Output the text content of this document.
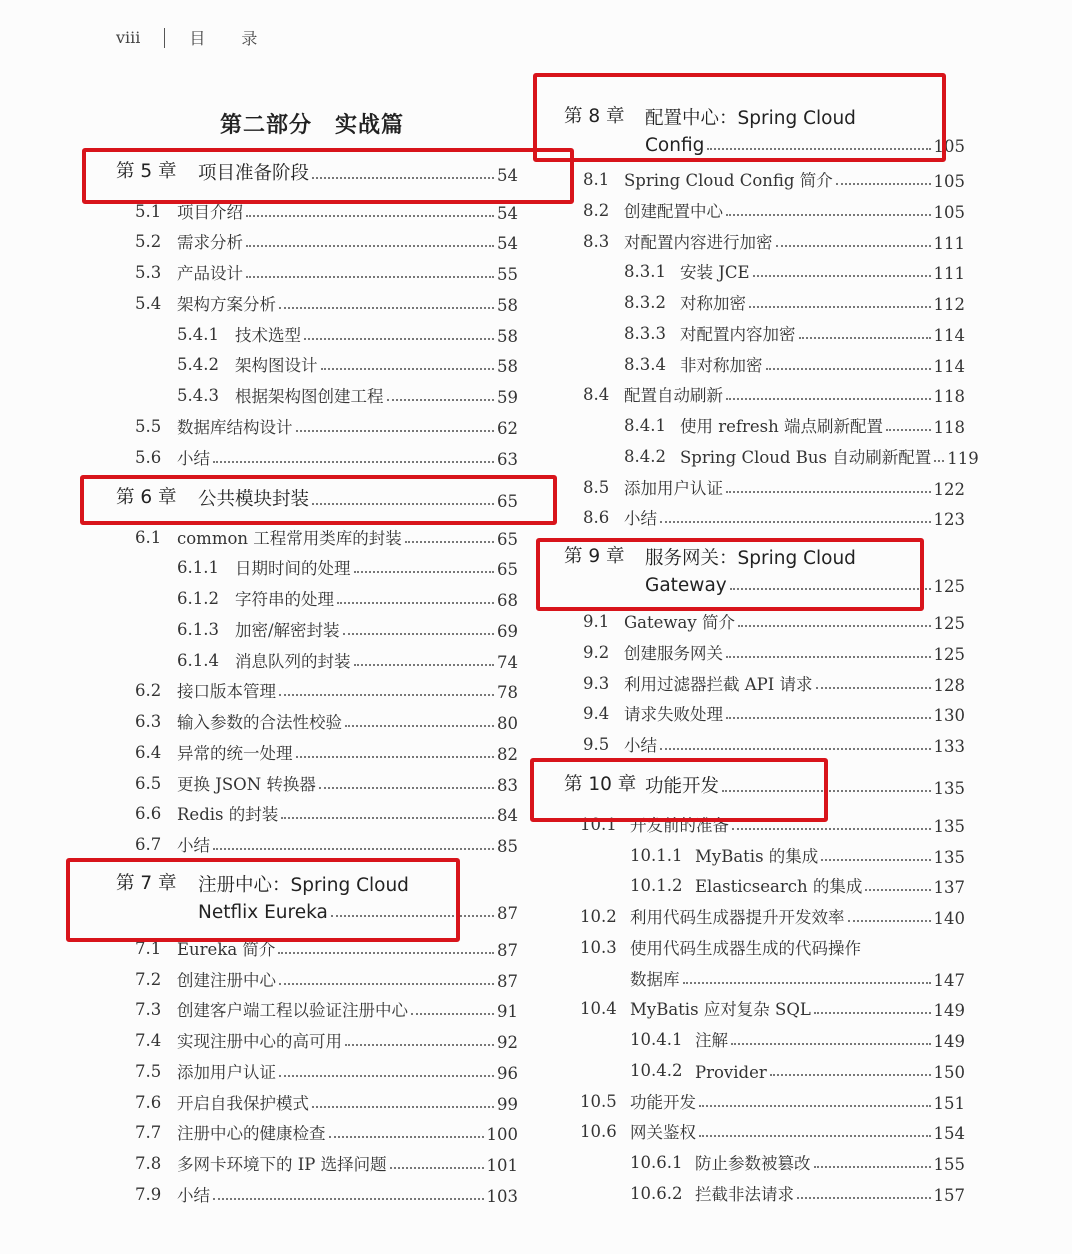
viii	目 录
第二部分　实战篇
第 5 章 项目准备阶段	54
5.1 项目介绍	54
5.2 需求分析	54
5.3 产品设计	55
5.4 架构方案分析	58
5.4.1 技术选型	58
5.4.2 架构图设计	58
5.4.3 根据架构图创建工程	59
5.5 数据库结构设计	62
5.6 小结	63
第 6 章 公共模块封装	65
6.1 common 工程常用类库的封装	65
6.1.1 日期时间的处理	65
6.1.2 字符串的处理	68
6.1.3 加密/解密封装	69
6.1.4 消息队列的封装	74
6.2 接口版本管理	78
6.3 输入参数的合法性校验	80
6.4 异常的统一处理	82
6.5 更换 JSON 转换器	83
6.6 Redis 的封装	84
6.7 小结	85
第 7 章 注册中心：Spring Cloud
Netflix Eureka	87
7.1 Eureka 简介	87
7.2 创建注册中心	87
7.3 创建客户端工程以验证注册中心	91
7.4 实现注册中心的高可用	92
7.5 添加用户认证	96
7.6 开启自我保护模式	99
7.7 注册中心的健康检查	100
7.8 多网卡环境下的 IP 选择问题	101
7.9 小结	103
第 8 章 配置中心：Spring Cloud
Config	105
8.1 Spring Cloud Config 简介	105
8.2 创建配置中心	105
8.3 对配置内容进行加密	111
8.3.1 安装 JCE	111
8.3.2 对称加密	112
8.3.3 对配置内容加密	114
8.3.4 非对称加密	114
8.4 配置自动刷新	118
8.4.1 使用 refresh 端点刷新配置	118
8.4.2 Spring Cloud Bus 自动刷新配置 119
8.5 添加用户认证	122
8.6 小结	123
第 9 章 服务网关：Spring Cloud
Gateway	125
9.1 Gateway 简介	125
9.2 创建服务网关	125
9.3 利用过滤器拦截 API 请求	128
9.4 请求失败处理	130
9.5 小结	133
第 10 章 功能开发	135
10.1 开发前的准备	135
10.1.1 MyBatis 的集成	135
10.1.2 Elasticsearch 的集成	137
10.2 利用代码生成器提升开发效率	140
10.3 使用代码生成器生成的代码操作
数据库	147
10.4 MyBatis 应对复杂 SQL	149
10.4.1 注解	149
10.4.2 Provider	150
10.5 功能开发	151
10.6 网关鉴权	154
10.6.1 防止参数被篡改	155
10.6.2 拦截非法请求	157
